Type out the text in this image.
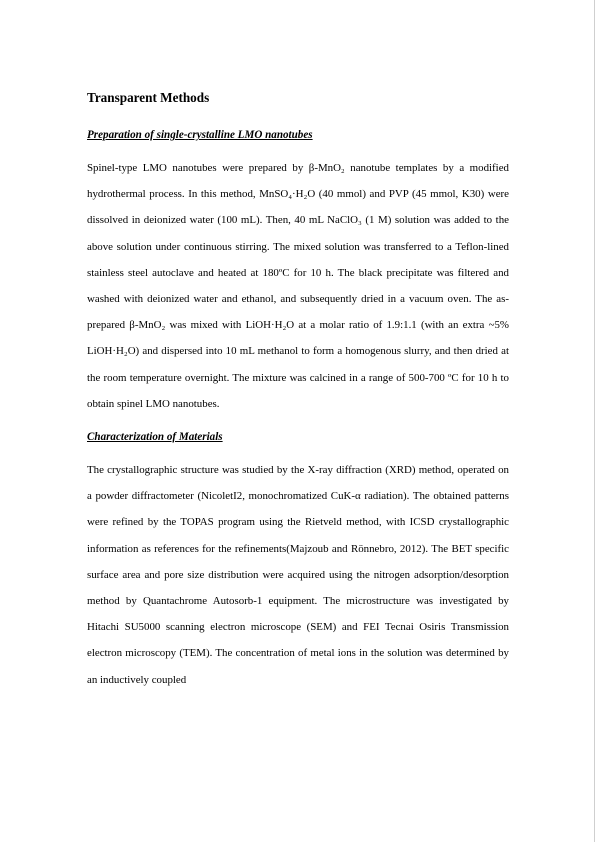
Transparent Methods
Preparation of single-crystalline LMO nanotubes

Spinel-type LMO nanotubes were prepared by β-MnO₂ nanotube templates by a modified hydrothermal process. In this method, MnSO₄·H₂O (40 mmol) and PVP (45 mmol, K30) were dissolved in deionized water (100 mL). Then, 40 mL NaClO₃ (1 M) solution was added to the above solution under continuous stirring. The mixed solution was transferred to a Teflon-lined stainless steel autoclave and heated at 180ºC for 10 h. The black precipitate was filtered and washed with deionized water and ethanol, and subsequently dried in a vacuum oven. The as-prepared β-MnO₂ was mixed with LiOH·H₂O at a molar ratio of 1.9:1.1 (with an extra ~5% LiOH·H₂O) and dispersed into 10 mL methanol to form a homogenous slurry, and then dried at the room temperature overnight. The mixture was calcined in a range of 500-700 ºC for 10 h to obtain spinel LMO nanotubes.

Characterization of Materials

The crystallographic structure was studied by the X-ray diffraction (XRD) method, operated on a powder diffractometer (NicoletI2, monochromatized CuK-α radiation). The obtained patterns were refined by the TOPAS program using the Rietveld method, with ICSD crystallographic information as references for the refinements(Majzoub and Rönnebro, 2012). The BET specific surface area and pore size distribution were acquired using the nitrogen adsorption/desorption method by Quantachrome Autosorb-1 equipment. The microstructure was investigated by Hitachi SU5000 scanning electron microscope (SEM) and FEI Tecnai Osiris Transmission electron microscopy (TEM). The concentration of metal ions in the solution was determined by an inductively coupled
